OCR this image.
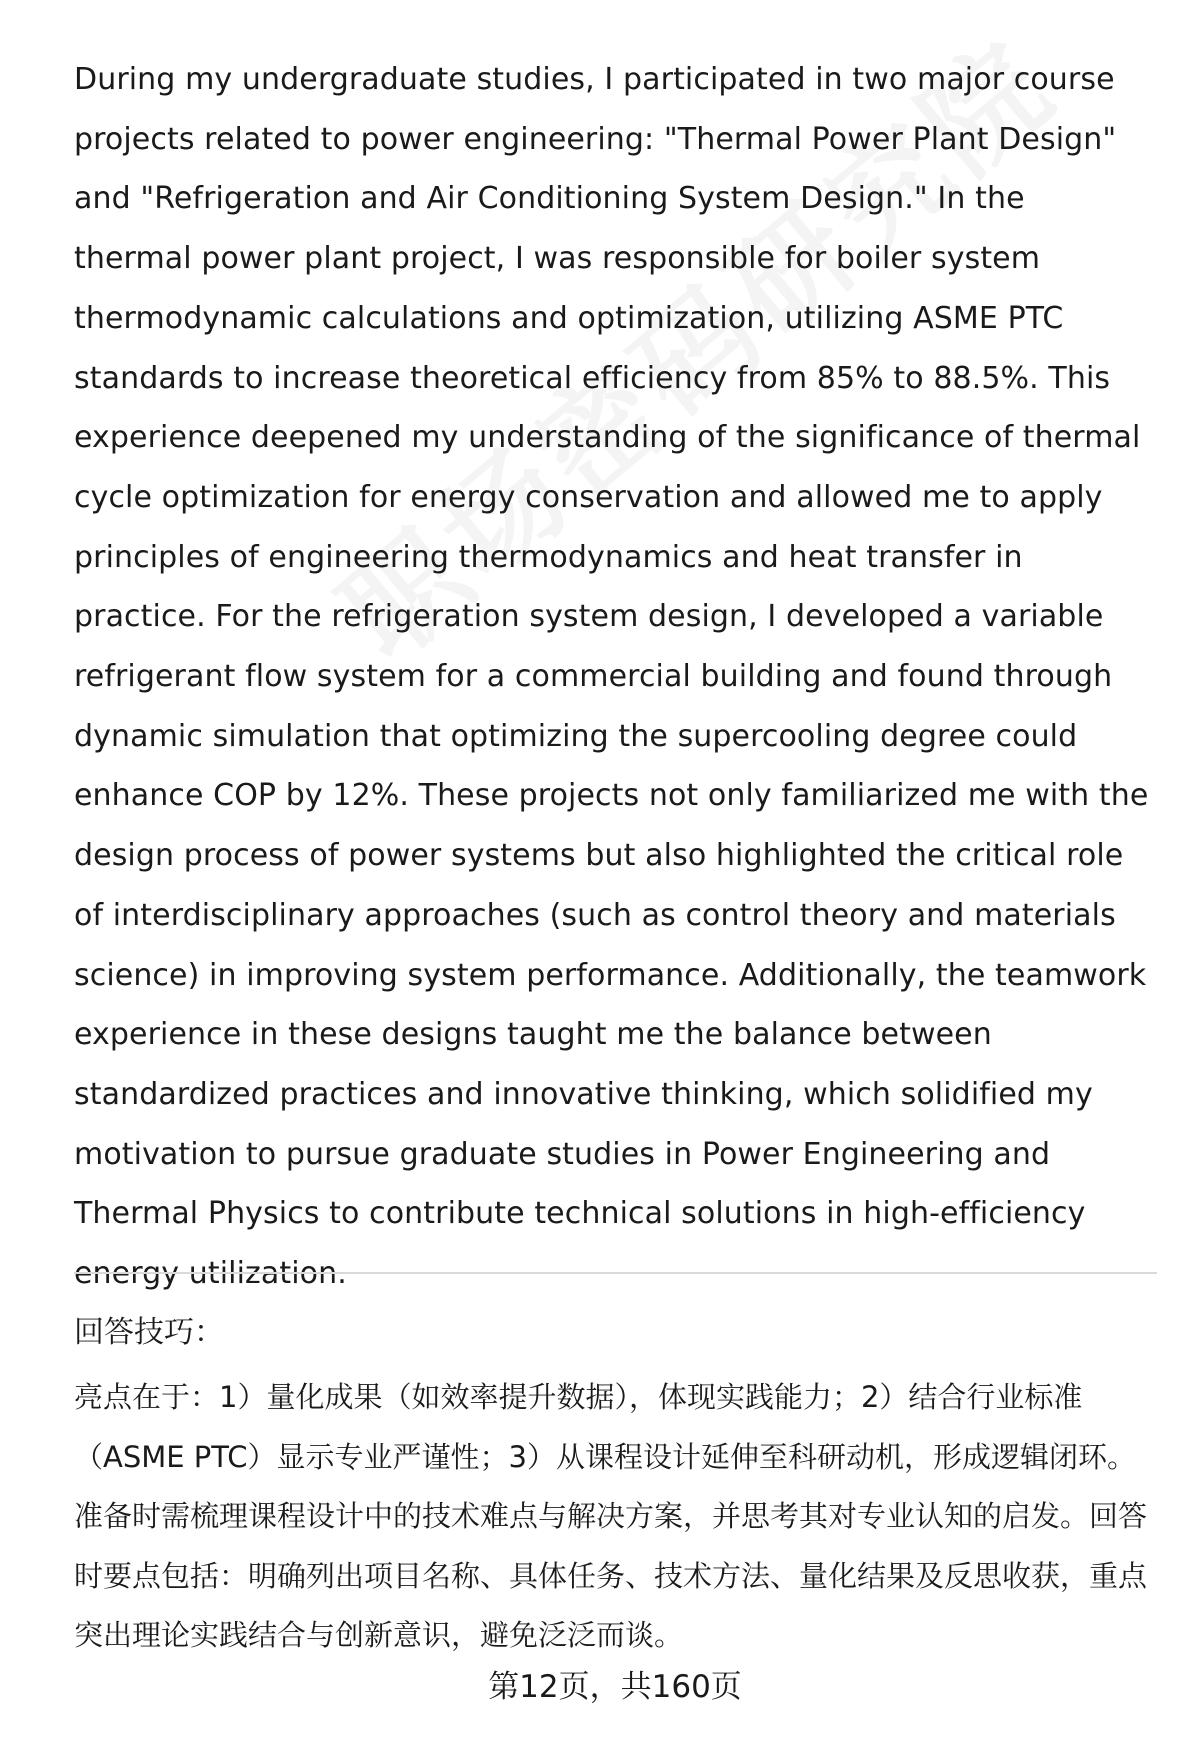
During my undergraduate studies, I participated in two major course projects related to power engineering: "Thermal Power Plant Design" and "Refrigeration and Air Conditioning System Design." In the thermal power plant project, I was responsible for boiler system thermodynamic calculations and optimization, utilizing ASME PTC standards to increase theoretical efficiency from 85% to 88.5%. This experience deepened my understanding of the significance of thermal cycle optimization for energy conservation and allowed me to apply principles of engineering thermodynamics and heat transfer in practice. For the refrigeration system design, I developed a variable refrigerant flow system for a commercial building and found through dynamic simulation that optimizing the supercooling degree could enhance COP by 12%. These projects not only familiarized me with the design process of power systems but also highlighted the critical role of interdisciplinary approaches (such as control theory and materials science) in improving system performance. Additionally, the teamwork experience in these designs taught me the balance between standardized practices and innovative thinking, which solidified my motivation to pursue graduate studies in Power Engineering and Thermal Physics to contribute technical solutions in high-efficiency energy utilization.

回答技巧：

亮点在于：1）量化成果（如效率提升数据），体现实践能力；2）结合行业标准（ASME PTC）显示专业严谨性；3）从课程设计延伸至科研动机，形成逻辑闭环。准备时需梳理课程设计中的技术难点与解决方案，并思考其对专业认知的启发。回答时要点包括：明确列出项目名称、具体任务、技术方法、量化结果及反思收获，重点突出理论实践结合与创新意识，避免泛泛而谈。

第12页，共160页
